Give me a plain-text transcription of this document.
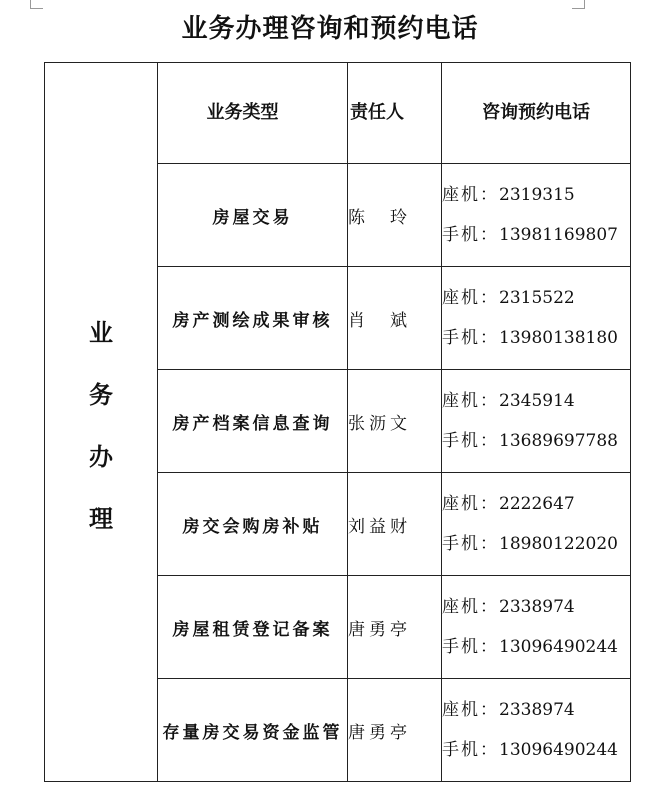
业务办理咨询和预约电话
业
务
办
理	业务类型	责任人	咨询预约电话
	房屋交易	陈　玲	座机：2319315
手机：13981169807

	房产测绘成果审核	肖　斌	座机：2315522
手机：13980138180

	房产档案信息查询	张沥文	座机：2345914
手机：13689697788

	房交会购房补贴	刘益财	座机：2222647
手机：18980122020

	房屋租赁登记备案	唐勇亭	座机：2338974
手机：13096490244

	存量房交易资金监管	唐勇亭	座机：2338974
手机：13096490244
